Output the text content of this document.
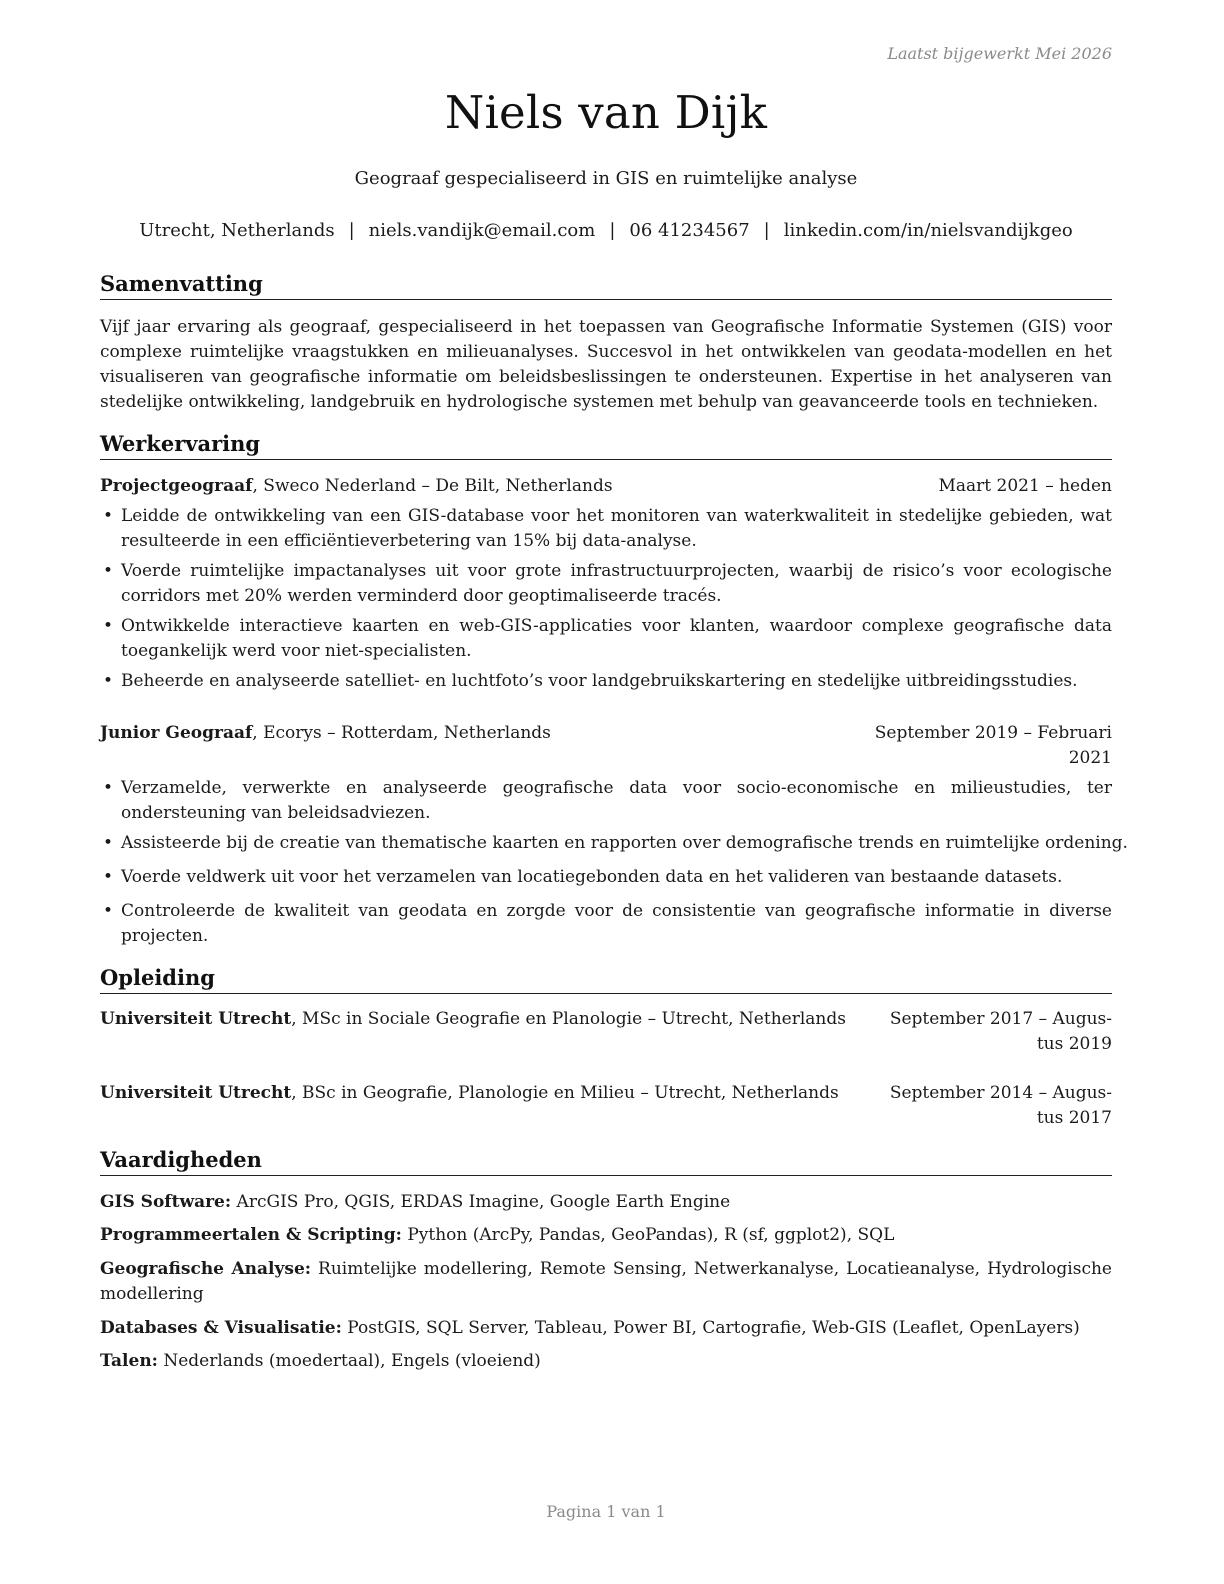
Laatst bijgewerkt Mei 2026
Niels van Dijk
Geograaf gespecialiseerd in GIS en ruimtelijke analyse
Utrecht, Netherlands | niels.vandijk@email.com | 06 41234567 | linkedin.com/in/nielsvandijkgeo
Samenvatting
Vijf jaar ervaring als geograaf, gespecialiseerd in het toepassen van Geografische Informatie Systemen (GIS) voor complexe ruimtelijke vraagstukken en milieuanalyses. Succesvol in het ontwikkelen van geodata-modellen en het visualiseren van geografische informatie om beleidsbeslissingen te ondersteunen. Expertise in het analyseren van stedelijke ontwikkeling, landgebruik en hydrologische systemen met behulp van geavanceerde tools en technieken.
Werkervaring
Projectgeograaf, Sweco Nederland – De Bilt, Netherlands	Maart 2021 – heden
• Leidde de ontwikkeling van een GIS-database voor het monitoren van waterkwaliteit in stedelijke gebieden, wat resulteerde in een efficiëntieverbetering van 15% bij data-analyse.
• Voerde ruimtelijke impactanalyses uit voor grote infrastructuurprojecten, waarbij de risico’s voor ecologische corridors met 20% werden verminderd door geoptimaliseerde tracés.
• Ontwikkelde interactieve kaarten en web-GIS-applicaties voor klanten, waardoor complexe geografische data toegankelijk werd voor niet-specialisten.
• Beheerde en analyseerde satelliet- en luchtfoto’s voor landgebruikskartering en stedelijke uitbreidingsstudies.
Junior Geograaf, Ecorys – Rotterdam, Netherlands	September 2019 – Februari
2021
• Verzamelde, verwerkte en analyseerde geografische data voor socio-economische en milieustudies, ter ondersteuning van beleidsadviezen.
• Assisteerde bij de creatie van thematische kaarten en rapporten over demografische trends en ruimtelijke ordening.
• Voerde veldwerk uit voor het verzamelen van locatiegebonden data en het valideren van bestaande datasets.
• Controleerde de kwaliteit van geodata en zorgde voor de consistentie van geografische informatie in diverse projecten.
Opleiding
Universiteit Utrecht, MSc in Sociale Geografie en Planologie – Utrecht, Netherlands	September 2017 – Augus-
tus 2019
Universiteit Utrecht, BSc in Geografie, Planologie en Milieu – Utrecht, Netherlands	September 2014 – Augus-
tus 2017
Vaardigheden
GIS Software: ArcGIS Pro, QGIS, ERDAS Imagine, Google Earth Engine
Programmeertalen & Scripting: Python (ArcPy, Pandas, GeoPandas), R (sf, ggplot2), SQL
Geografische Analyse: Ruimtelijke modellering, Remote Sensing, Netwerkanalyse, Locatieanalyse, Hydrologische modellering
Databases & Visualisatie: PostGIS, SQL Server, Tableau, Power BI, Cartografie, Web-GIS (Leaflet, OpenLayers)
Talen: Nederlands (moedertaal), Engels (vloeiend)
Pagina 1 van 1
